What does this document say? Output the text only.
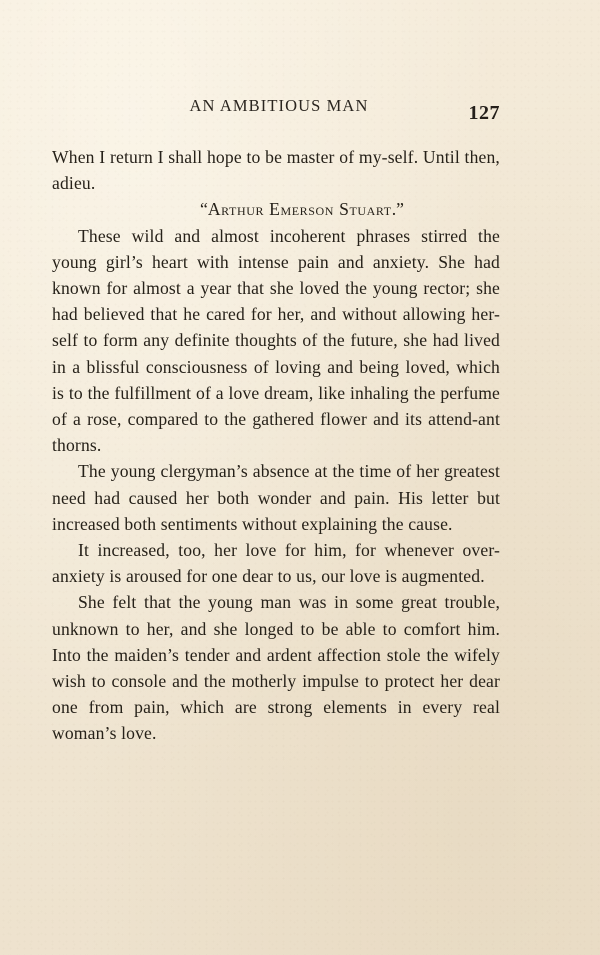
AN AMBITIOUS MAN	127

When I return I shall hope to be master of my-self. Until then, adieu.

“Arthur Emerson Stuart.”

These wild and almost incoherent phrases stirred the young girl’s heart with intense pain and anxiety. She had known for almost a year that she loved the young rector; she had believed that he cared for her, and without allowing her-self to form any definite thoughts of the future, she had lived in a blissful consciousness of loving and being loved, which is to the fulfillment of a love dream, like inhaling the perfume of a rose, compared to the gathered flower and its attend-ant thorns.

The young clergyman’s absence at the time of her greatest need had caused her both wonder and pain. His letter but increased both sentiments without explaining the cause.

It increased, too, her love for him, for whenever over-anxiety is aroused for one dear to us, our love is augmented.

She felt that the young man was in some great trouble, unknown to her, and she longed to be able to comfort him. Into the maiden’s tender and ardent affection stole the wifely wish to console and the motherly impulse to protect her dear one from pain, which are strong elements in every real woman’s love.
